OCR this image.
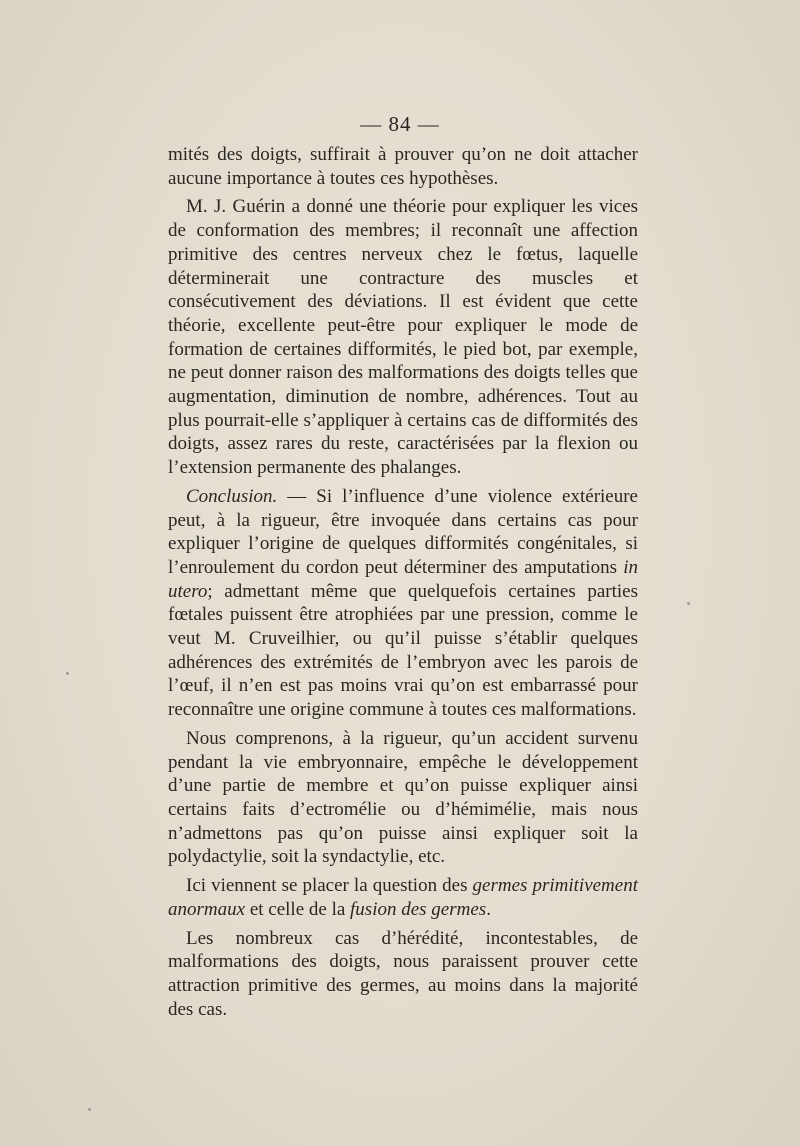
— 84 —

mités des doigts, suffirait à prouver qu’on ne doit attacher aucune importance à toutes ces hypothèses.

M. J. Guérin a donné une théorie pour expliquer les vices de conformation des membres; il reconnaît une affection primitive des centres nerveux chez le fœtus, laquelle déterminerait une contracture des muscles et consécutivement des déviations. Il est évident que cette théorie, excellente peut-être pour expliquer le mode de formation de certaines difformités, le pied bot, par exemple, ne peut donner raison des malformations des doigts telles que augmentation, diminution de nombre, adhérences. Tout au plus pourrait-elle s’appliquer à certains cas de difformités des doigts, assez rares du reste, caractérisées par la flexion ou l’extension permanente des phalanges.

Conclusion. — Si l’influence d’une violence extérieure peut, à la rigueur, être invoquée dans certains cas pour expliquer l’origine de quelques difformités congénitales, si l’enroulement du cordon peut déterminer des amputations in utero; admettant même que quelquefois certaines parties fœtales puissent être atrophiées par une pression, comme le veut M. Cruveilhier, ou qu’il puisse s’établir quelques adhérences des extrémités de l’embryon avec les parois de l’œuf, il n’en est pas moins vrai qu’on est embarrassé pour reconnaître une origine commune à toutes ces malformations.

Nous comprenons, à la rigueur, qu’un accident survenu pendant la vie embryonnaire, empêche le développement d’une partie de membre et qu’on puisse expliquer ainsi certains faits d’ectromélie ou d’hémimélie, mais nous n’admettons pas qu’on puisse ainsi expliquer soit la polydactylie, soit la syndactylie, etc.

Ici viennent se placer la question des germes primitivement anormaux et celle de la fusion des germes.

Les nombreux cas d’hérédité, incontestables, de malformations des doigts, nous paraissent prouver cette attraction primitive des germes, au moins dans la majorité des cas.
